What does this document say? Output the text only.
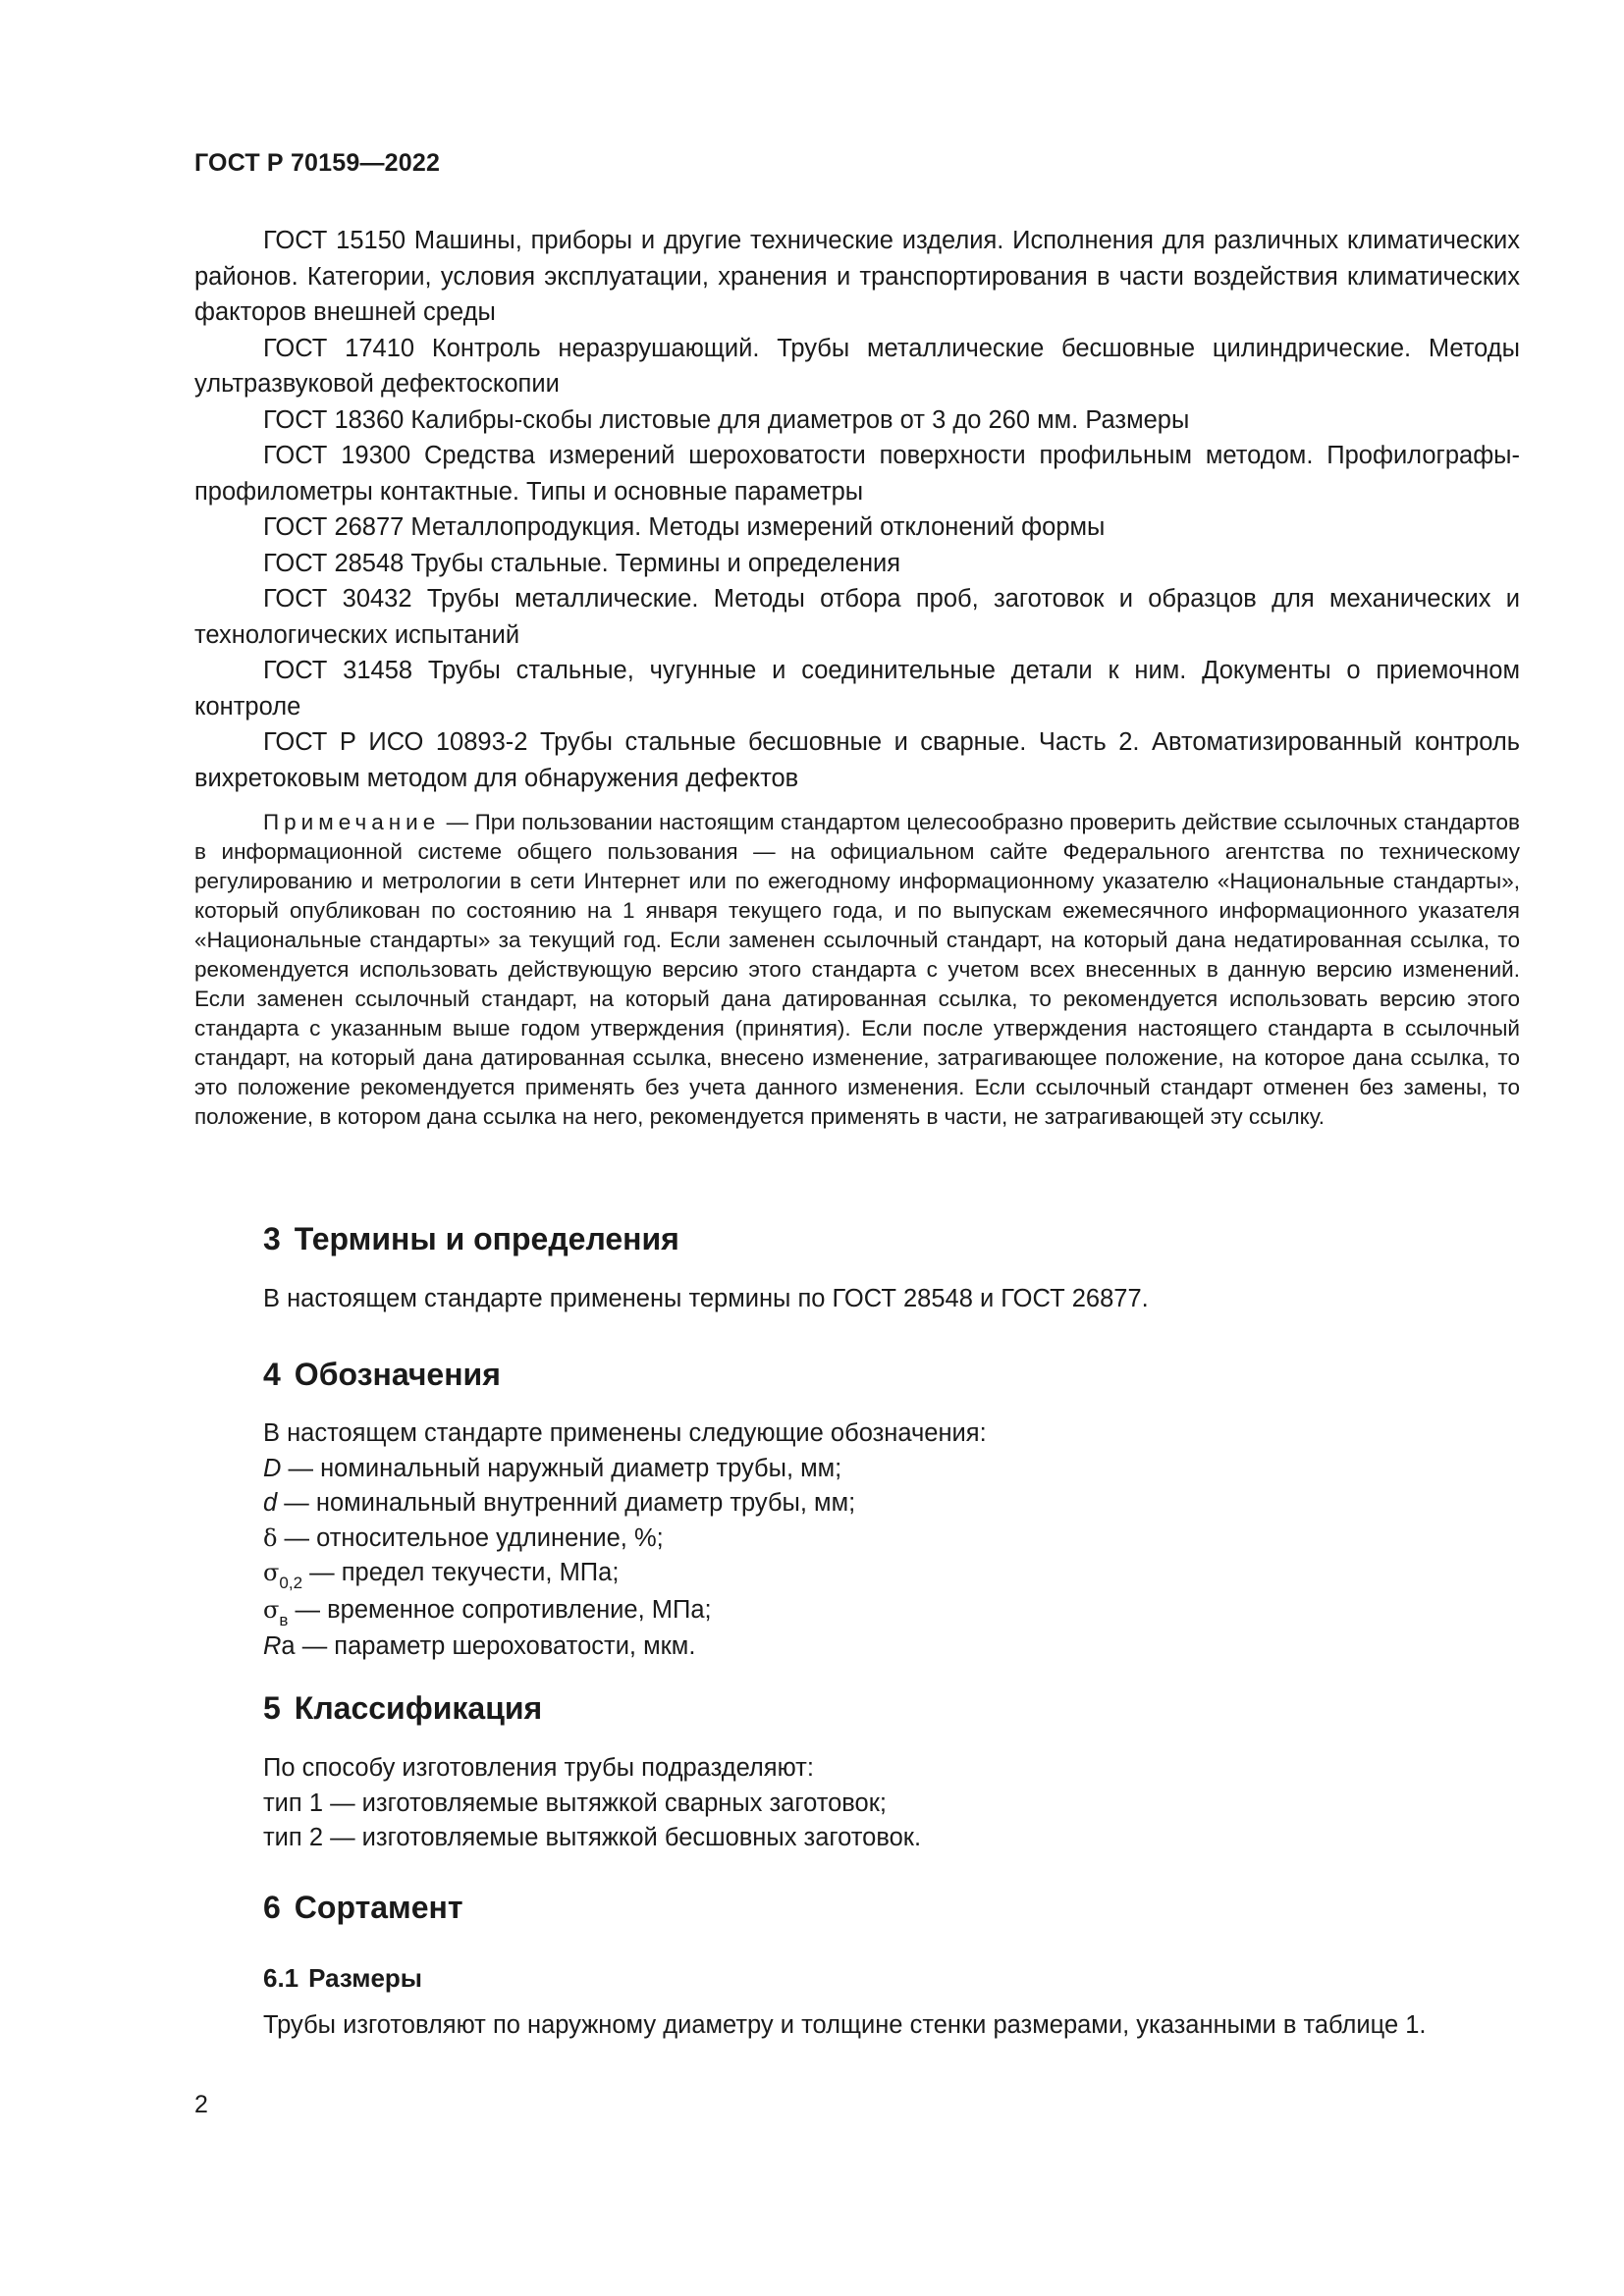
ГОСТ Р 70159—2022

ГОСТ 15150 Машины, приборы и другие технические изделия. Исполнения для различных климатических районов. Категории, условия эксплуатации, хранения и транспортирования в части воздействия климатических факторов внешней среды

ГОСТ 17410 Контроль неразрушающий. Трубы металлические бесшовные цилиндрические. Методы ультразвуковой дефектоскопии

ГОСТ 18360 Калибры-скобы листовые для диаметров от 3 до 260 мм. Размеры

ГОСТ 19300 Средства измерений шероховатости поверхности профильным методом. Профилографы-профилометры контактные. Типы и основные параметры

ГОСТ 26877 Металлопродукция. Методы измерений отклонений формы

ГОСТ 28548 Трубы стальные. Термины и определения

ГОСТ 30432 Трубы металлические. Методы отбора проб, заготовок и образцов для механических и технологических испытаний

ГОСТ 31458 Трубы стальные, чугунные и соединительные детали к ним. Документы о приемочном контроле

ГОСТ Р ИСО 10893-2 Трубы стальные бесшовные и сварные. Часть 2. Автоматизированный контроль вихретоковым методом для обнаружения дефектов

Примечание — При пользовании настоящим стандартом целесообразно проверить действие ссылочных стандартов в информационной системе общего пользования — на официальном сайте Федерального агентства по техническому регулированию и метрологии в сети Интернет или по ежегодному информационному указателю «Национальные стандарты», который опубликован по состоянию на 1 января текущего года, и по выпускам ежемесячного информационного указателя «Национальные стандарты» за текущий год. Если заменен ссылочный стандарт, на который дана недатированная ссылка, то рекомендуется использовать действующую версию этого стандарта с учетом всех внесенных в данную версию изменений. Если заменен ссылочный стандарт, на который дана датированная ссылка, то рекомендуется использовать версию этого стандарта с указанным выше годом утверждения (принятия). Если после утверждения настоящего стандарта в ссылочный стандарт, на который дана датированная ссылка, внесено изменение, затрагивающее положение, на которое дана ссылка, то это положение рекомендуется применять без учета данного изменения. Если ссылочный стандарт отменен без замены, то положение, в котором дана ссылка на него, рекомендуется применять в части, не затрагивающей эту ссылку.

3 Термины и определения

В настоящем стандарте применены термины по ГОСТ 28548 и ГОСТ 26877.

4 Обозначения
В настоящем стандарте применены следующие обозначения:
D — номинальный наружный диаметр трубы, мм;
d — номинальный внутренний диаметр трубы, мм;
δ — относительное удлинение, %;
$\sigma_{0,2}$ — предел текучести, МПа;
$\sigma_в$ — временное сопротивление, МПа;
Ra — параметр шероховатости, мкм.
5 Классификация
По способу изготовления трубы подразделяют:
тип 1 — изготовляемые вытяжкой сварных заготовок;
тип 2 — изготовляемые вытяжкой бесшовных заготовок.
6 Сортамент
6.1 Размеры

Трубы изготовляют по наружному диаметру и толщине стенки размерами, указанными в таблице 1.

2
